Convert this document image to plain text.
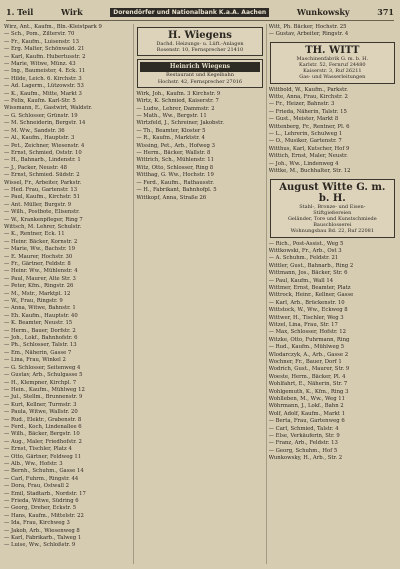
1. Teil	Wirk	Dorendörfer und Nationalbank K.a.A. Aachen	Wunkowsky	371

Wirz, Ant., Kaufm., Bln.-Kleistpark 9

— Sch., Pom., Zilterstr. 70

— Fr., Kaufm., Luisenstr. 13

— Erg. Malter, Schönwald. 21

— Karl, Kaufm. Hubertusstr. 2

— Marie, Witwe, Münz. 43

— Ing., Baumeister, 4. Eck. 11

— Hilde, Leich. 6. Kirchstr. 3

— Ad. Lagerm., Lützowstr. 53

— K., Kaufm., Mitte, Markt 3

— Felix, Kaufm. Karl-Str. 5

Wissmann, E., Gastwirt, Waldstr.

— G. Schlosser, Grünstr. 19

— M. Schneiderin, Bergstr. 14

— M. Ww., Sandstr. 36

— Al., Kaufm., Hauptstr. 3

— Pet., Zeichner, Wiesenstr. 4

— Ernst, Schmied, Oststr. 10

— H., Bahnarb., Lindenstr. 1

— J., Packer, Neustr. 48

— Ernst, Schmied. Südstr. 2

Wissel, Fr., Arbeiter, Parkstr.

— Hed. Frau, Gartenstr. 13

— Paul, Kaufm., Kirchstr. 51

— Ant. Müller, Burgstr. 9

— Wilh., Postbote, Elisenstr.

— W., Krankenpfleger, Ring 7

Wittsch, M. Lehrer, Schulstr.

— K., Rentner, Eck. 11

— Heinr. Bäcker, Kornstr. 2

— Marie, Ww., Bachstr. 19

— E. Maurer, Hochstr. 30

— Fr., Gärtner, Feldstr. 8

— Heinr. Ww., Mühlenstr. 4

— Paul, Maurer, Alte Str. 3

— Peter, Kfm., Ringstr. 26

— M., Mstr., Marktpl. 12

— W., Frau, Ringstr. 9

— Anna, Witwe, Bahnstr. 1

— Eh. Kaufm., Hauptstr. 40

— K. Beamter, Neustr. 15

— Herm., Bauer, Dorfstr. 2

— Joh., Lokf., Bahnhofstr. 6

— Ph., Schlosser, Talstr. 13

— Em., Näherin, Gasse 7

— Lina, Frau, Winkel 2

— G. Schlosser, Seitenweg 4

— Gustav, Arb., Schulgasse 5

— H., Klempner, Kirchpl. 7

— Hein., Kaufm., Mühlweg 12

— Jul., Stellm., Brunnenstr. 9

— Kurt, Kellner, Turmstr. 3

— Paula, Witwe, Wallstr. 20

— Rud., Elektr., Grabenstr. 8

— Ferd., Koch, Lindenallee 6

— Wilh., Bäcker, Bergstr. 10

— Aug., Maler, Friedhofstr. 2

— Ernst, Tischler, Platz 4

— Otto, Gärtner, Feldweg 11

— Alb., Ww., Hofstr. 3

— Bernh., Schuhm., Gasse 14

— Carl, Fuhrm., Ringstr. 44

— Dora, Frau, Ostwall 2

— Emil, Stadtarb., Nordstr. 17

— Frieda, Witwe, Südring 6

— Georg, Dreher, Eckstr. 5

— Hans, Kaufm., Mittelstr. 22

— Ida, Frau, Kirchweg 3

— Jakob, Arb., Wiesenweg 8

— Karl, Fabrikarb., Talweg 1

— Luise, Ww., Schloßstr. 9

H. Wiegens
Dachd. Heizungs- u. Lüft.-Anlagen
Rosenstr. 10, Fernsprecher 21410
Heinrich Wiegens
Restaurant und Kegelbahn
Hochstr. 42, Fernsprecher 27016

Wirk, Joh., Kaufm. 3 Kirchstr. 9

Wirtz, K. Schmied, Kaiserstr. 7

— Ludw., Lehrer, Dammstr. 2

— Math., Ww., Bergstr. 11

Wirtzfeld, J., Schreiner, Jakobstr.

— Th., Beamter, Kloster 5

— R., Kaufm., Marktstr. 4

Wissing, Pet., Arb., Hofweg 3

— Herm., Bäcker, Wallstr. 8

Wittrich, Sch., Mühlenstr. 11

Witz, Otto, Schlosser, Ring 8

Witthag, G. Ww., Hochstr. 19

— Ferd., Kaufm., Rathausstr.

— H., Fabrikant, Bahnhofpl. 5

Wittkopf, Anna, Straße 26

Witt, Ph. Bäcker, Hochstr. 25

— Gustav, Arbeiter, Ringstr. 4

TH. WITT
Maschinenfabrik G. m. b. H.
Karlstr. 52, Fernruf 24480
Kaiserstr. 3, Ruf 26211
Gas- und Wasserleitungen

Wittbold, W., Kaufm., Parkstr.

Witte, Anna, Frau, Kirchstr. 2

— Fr., Heizer, Bahnstr. 3

— Frieda, Näherin, Talstr. 15

— Gust., Meister, Markt 8

Wittenberg, Fr., Rentner, Pl. 6

— L., Lehrerin, Schulweg 1

— O., Musiker, Gartenstr. 7

Witthus, Karl, Kutscher, Hof 9

Wittich, Ernst, Maler, Neustr.

— Joh., Ww., Lindenweg 4

Wittke, M., Buchhalter, Str. 12

August Witte G. m. b. H.
Stahl-, Bronze- und Eisen-
Stiftgießereien
Geländer, Tore und Kunstschmiede
Bauschlosserei
Wohnungsbau Bd. 22, Ruf 22081

— Rich., Post-Assist., Weg 5

Wittkowski, Fr., Arb., Ost 3

— A. Schuhm., Feldstr. 21

Wittler, Gust., Bahnarb., Ring 2

Wittmann, Jos., Bäcker, Str. 6

— Paul, Kaufm., Wall 14

Wittmer, Ernst, Beamter, Platz

Wittrock, Heinr., Kellner, Gasse

— Karl, Arb., Brückenstr. 10

Wittstock, W., Ww., Eckweg 8

Wittwer, H., Tischler, Weg 3

Witzel, Lina, Frau, Str. 17

— Max, Schlosser, Hofstr. 12

Witzke, Otto, Fuhrmann, Ring

— Rud., Kaufm., Mühlweg 5

Wlodarczyk, A., Arb., Gasse 2

Wochner, Fr., Bauer, Dorf 1

Wodrich, Gust., Maurer, Str. 9

Woeste, Herm., Bäcker, Pl. 4

Wohlfahrt, E., Näherin, Str. 7

Wohlgemuth, K., Kfm., Ring 3

Wohlleben, M., Ww., Weg 11

Wöhrmann, J., Lokf., Bahn 2

Wolf, Adolf, Kaufm., Markt 1

— Berta, Frau, Gartenweg 6

— Carl, Schmied, Talstr. 4

— Else, Verkäuferin, Str. 9

— Franz, Arb., Feldstr. 13

— Georg, Schuhm., Hof 5

Wunkowsky, H., Arb., Str. 2
